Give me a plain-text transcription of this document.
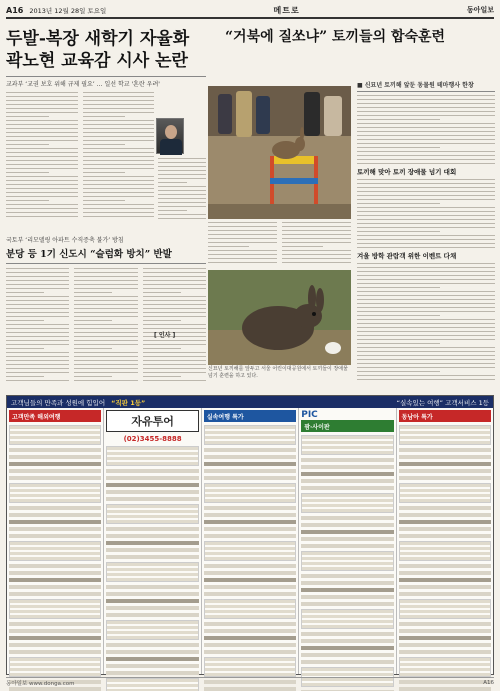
A16 2013년 12월 28일 토요일	메트로	동아일보
두발-복장 새학기 자율화
곽노현 교육감 시사 논란
교과부 ‘교권 보호 위해 규제 필요’ … 일선 학교 '혼란 우려'
국토부 ‘리모델링 아파트 수직증축 불가’ 방침
분당 등 1기 신도시 “슬럼화 방치” 반발
[ 인사 ]
“거북에 질쏘냐” 토끼들의 합숙훈련
신묘년 토끼해를 앞두고 서울 어린이대공원에서 토끼들이 장애물 넘기 훈련을 하고 있다.
■ 신묘년 토끼해 앞둔 동물원 테마행사 한창
토끼해 맞아 토끼 장애물 넘기 대회
겨울 방학 관람객 위한 이벤트 다채
고객님들의 만족과 성원에 힘입어 “직판 1등”	“실속있는 여행” 고객서비스 1등
고객만족 해외여행	자유투어
(02)3455-8888
실속여행 특가	PIC
괌·사이판
동남아 특가
동아일보 www.donga.com	A16
